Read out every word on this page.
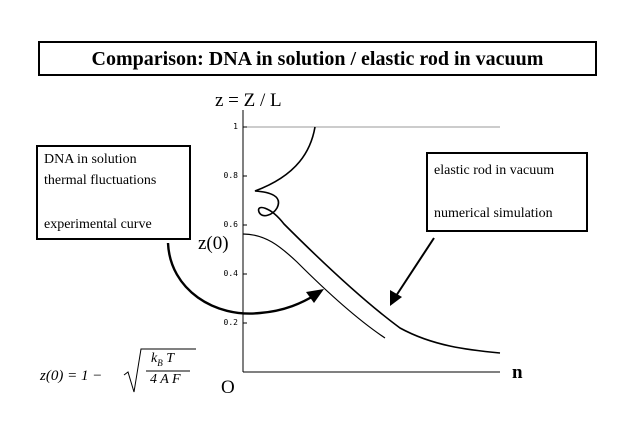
Comparison: DNA in solution / elastic rod in vacuum
z = Z / L
1
0.8
0.6
0.4
0.2
z(0)
n
O
DNA in solution
thermal fluctuations
experimental curve
elastic rod in vacuum
numerical simulation
z(0) = 1 −
$k_B$ T
4 A F
